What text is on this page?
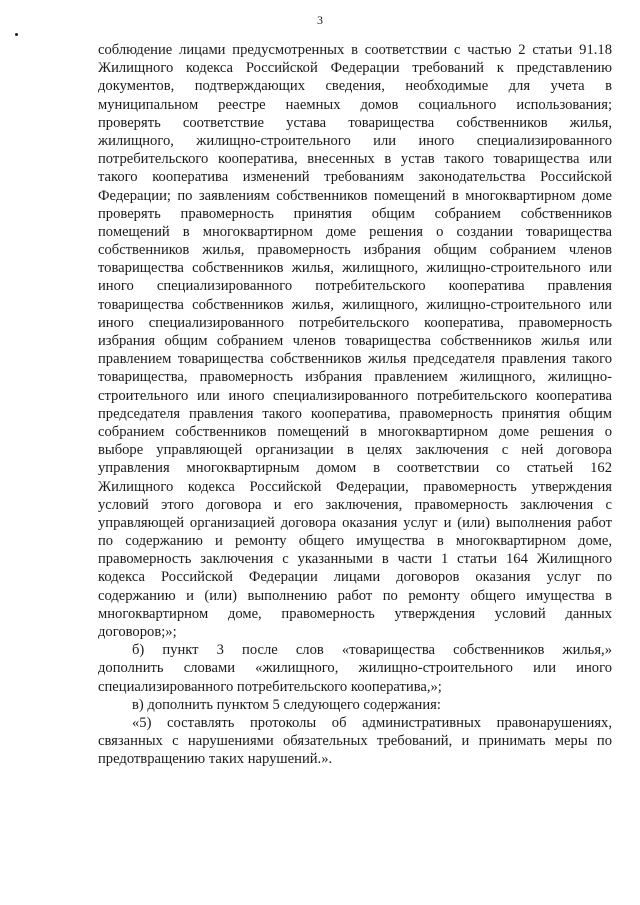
3
соблюдение лицами предусмотренных в соответствии с частью 2 статьи 91.18
Жилищного кодекса Российской Федерации требований к представлению
документов, подтверждающих сведения, необходимые для учета в
муниципальном реестре наемных домов социального использования;
проверять соответствие устава товарищества собственников жилья,
жилищного, жилищно-строительного или иного специализированного
потребительского кооператива, внесенных в устав такого товарищества или
такого кооператива изменений требованиям законодательства Российской
Федерации; по заявлениям собственников помещений в многоквартирном доме
проверять правомерность принятия общим собранием собственников
помещений в многоквартирном доме решения о создании товарищества
собственников жилья, правомерность избрания общим собранием членов
товарищества собственников жилья, жилищного, жилищно-строительного или
иного специализированного потребительского кооператива правления
товарищества собственников жилья, жилищного, жилищно-строительного или
иного специализированного потребительского кооператива, правомерность
избрания общим собранием членов товарищества собственников жилья или
правлением товарищества собственников жилья председателя правления такого
товарищества, правомерность избрания правлением жилищного, жилищно-
строительного или иного специализированного потребительского кооператива
председателя правления такого кооператива, правомерность принятия общим
собранием собственников помещений в многоквартирном доме решения о
выборе управляющей организации в целях заключения с ней договора
управления многоквартирным домом в соответствии со статьей 162
Жилищного кодекса Российской Федерации, правомерность утверждения
условий этого договора и его заключения, правомерность заключения с
управляющей организацией договора оказания услуг и (или) выполнения работ
по содержанию и ремонту общего имущества в многоквартирном доме,
правомерность заключения с указанными в части 1 статьи 164 Жилищного
кодекса Российской Федерации лицами договоров оказания услуг по
содержанию и (или) выполнению работ по ремонту общего имущества в
многоквартирном доме, правомерность утверждения условий данных
договоров;»;
б) пункт 3 после слов «товарищества собственников жилья,»
дополнить словами «жилищного, жилищно-строительного или иного
специализированного потребительского кооператива,»;
в) дополнить пунктом 5 следующего содержания:
«5) составлять протоколы об административных правонарушениях,
связанных с нарушениями обязательных требований, и принимать меры по
предотвращению таких нарушений.».
